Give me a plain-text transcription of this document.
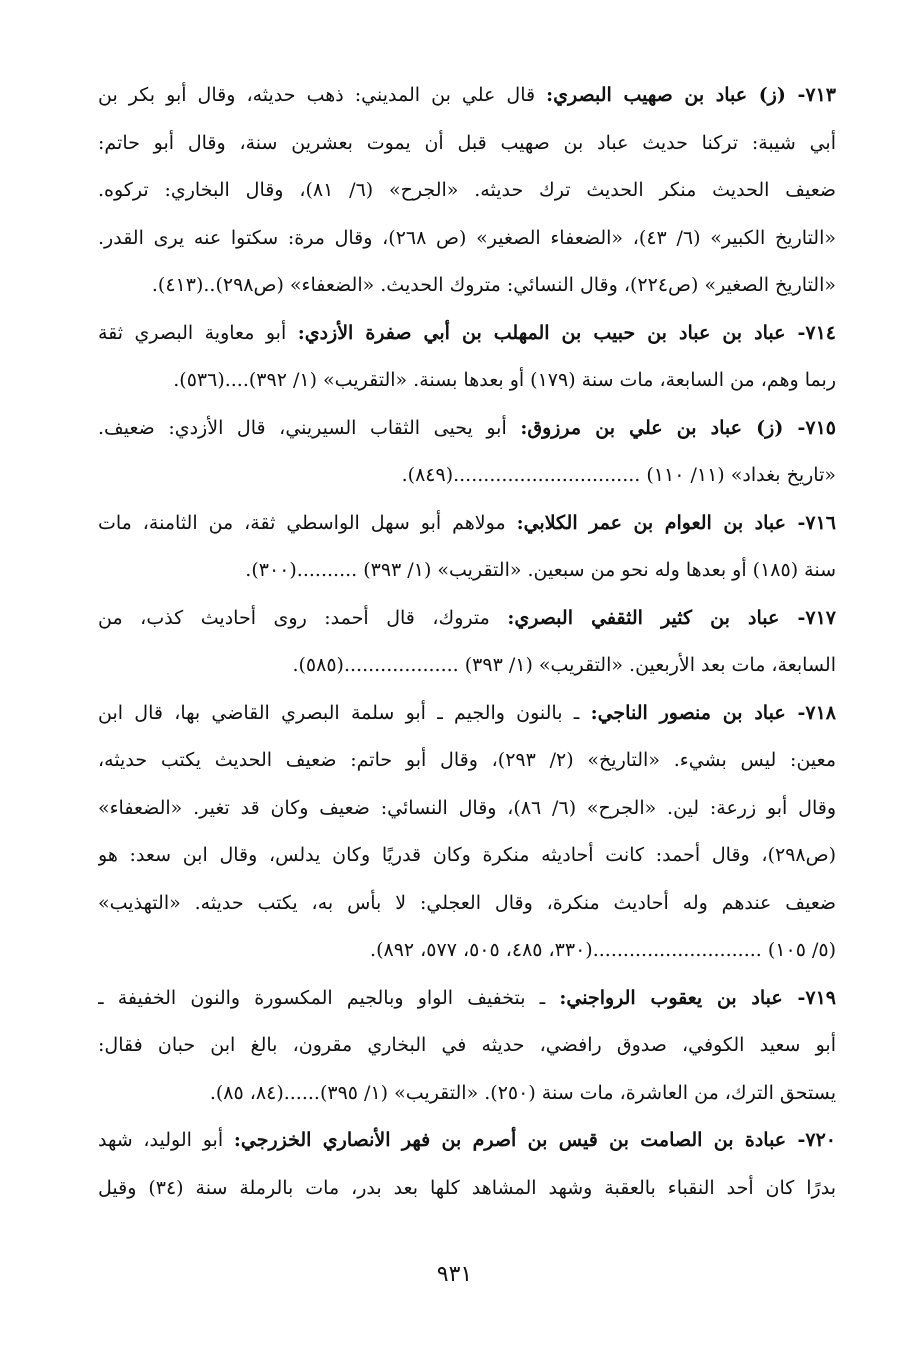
٧١٣- (ز) عباد بن صهيب البصري: قال علي بن المديني: ذهب حديثه، وقال أبو بكر بن
أبي شيبة: تركنا حديث عباد بن صهيب قبل أن يموت بعشرين سنة، وقال أبو حاتم:
ضعيف الحديث منكر الحديث ترك حديثه. «الجرح» (٦/ ٨١)، وقال البخاري: تركوه.
«التاريخ الكبير» (٦/ ٤٣)، «الضعفاء الصغير» (ص ٢٦٨)، وقال مرة: سكتوا عنه يرى القدر.
«التاريخ الصغير» (ص٢٢٤)، وقال النسائي: متروك الحديث. «الضعفاء» (ص٢٩٨)..(٤١٣).
٧١٤- عباد بن عباد بن حبيب بن المهلب بن أبي صفرة الأزدي: أبو معاوية البصري ثقة
ربما وهم، من السابعة، مات سنة (١٧٩) أو بعدها بسنة. «التقريب» (١/ ٣٩٢)....(٥٣٦).
٧١٥- (ز) عباد بن علي بن مرزوق: أبو يحيى الثقاب السيريني، قال الأزدي: ضعيف.
«تاريخ بغداد» (١١/ ١١٠) ...............................(٨٤٩).
٧١٦- عباد بن العوام بن عمر الكلابي: مولاهم أبو سهل الواسطي ثقة، من الثامنة، مات
سنة (١٨٥) أو بعدها وله نحو من سبعين. «التقريب» (١/ ٣٩٣) ..........(٣٠٠).
٧١٧- عباد بن كثير الثقفي البصري: متروك، قال أحمد: روى أحاديث كذب، من
السابعة، مات بعد الأربعين. «التقريب» (١/ ٣٩٣) ...................(٥٨٥).
٧١٨- عباد بن منصور الناجي: ـ بالنون والجيم ـ أبو سلمة البصري القاضي بها، قال ابن
معين: ليس بشيء. «التاريخ» (٢/ ٢٩٣)، وقال أبو حاتم: ضعيف الحديث يكتب حديثه،
وقال أبو زرعة: لين. «الجرح» (٦/ ٨٦)، وقال النسائي: ضعيف وكان قد تغير. «الضعفاء»
(ص٢٩٨)، وقال أحمد: كانت أحاديثه منكرة وكان قدريًا وكان يدلس، وقال ابن سعد: هو
ضعيف عندهم وله أحاديث منكرة، وقال العجلي: لا بأس به، يكتب حديثه. «التهذيب»
(٥/ ١٠٥) ............................(٣٣٠، ٤٨٥، ٥٠٥، ٥٧٧، ٨٩٢).
٧١٩- عباد بن يعقوب الرواجني: ـ بتخفيف الواو وبالجيم المكسورة والنون الخفيفة ـ
أبو سعيد الكوفي، صدوق رافضي، حديثه في البخاري مقرون، بالغ ابن حبان فقال:
يستحق الترك، من العاشرة، مات سنة (٢٥٠). «التقريب» (١/ ٣٩٥)......(٨٤، ٨٥).
٧٢٠- عبادة بن الصامت بن قيس بن أصرم بن فهر الأنصاري الخزرجي: أبو الوليد، شهد
بدرًا كان أحد النقباء بالعقبة وشهد المشاهد كلها بعد بدر، مات بالرملة سنة (٣٤) وقيل
٩٣١
